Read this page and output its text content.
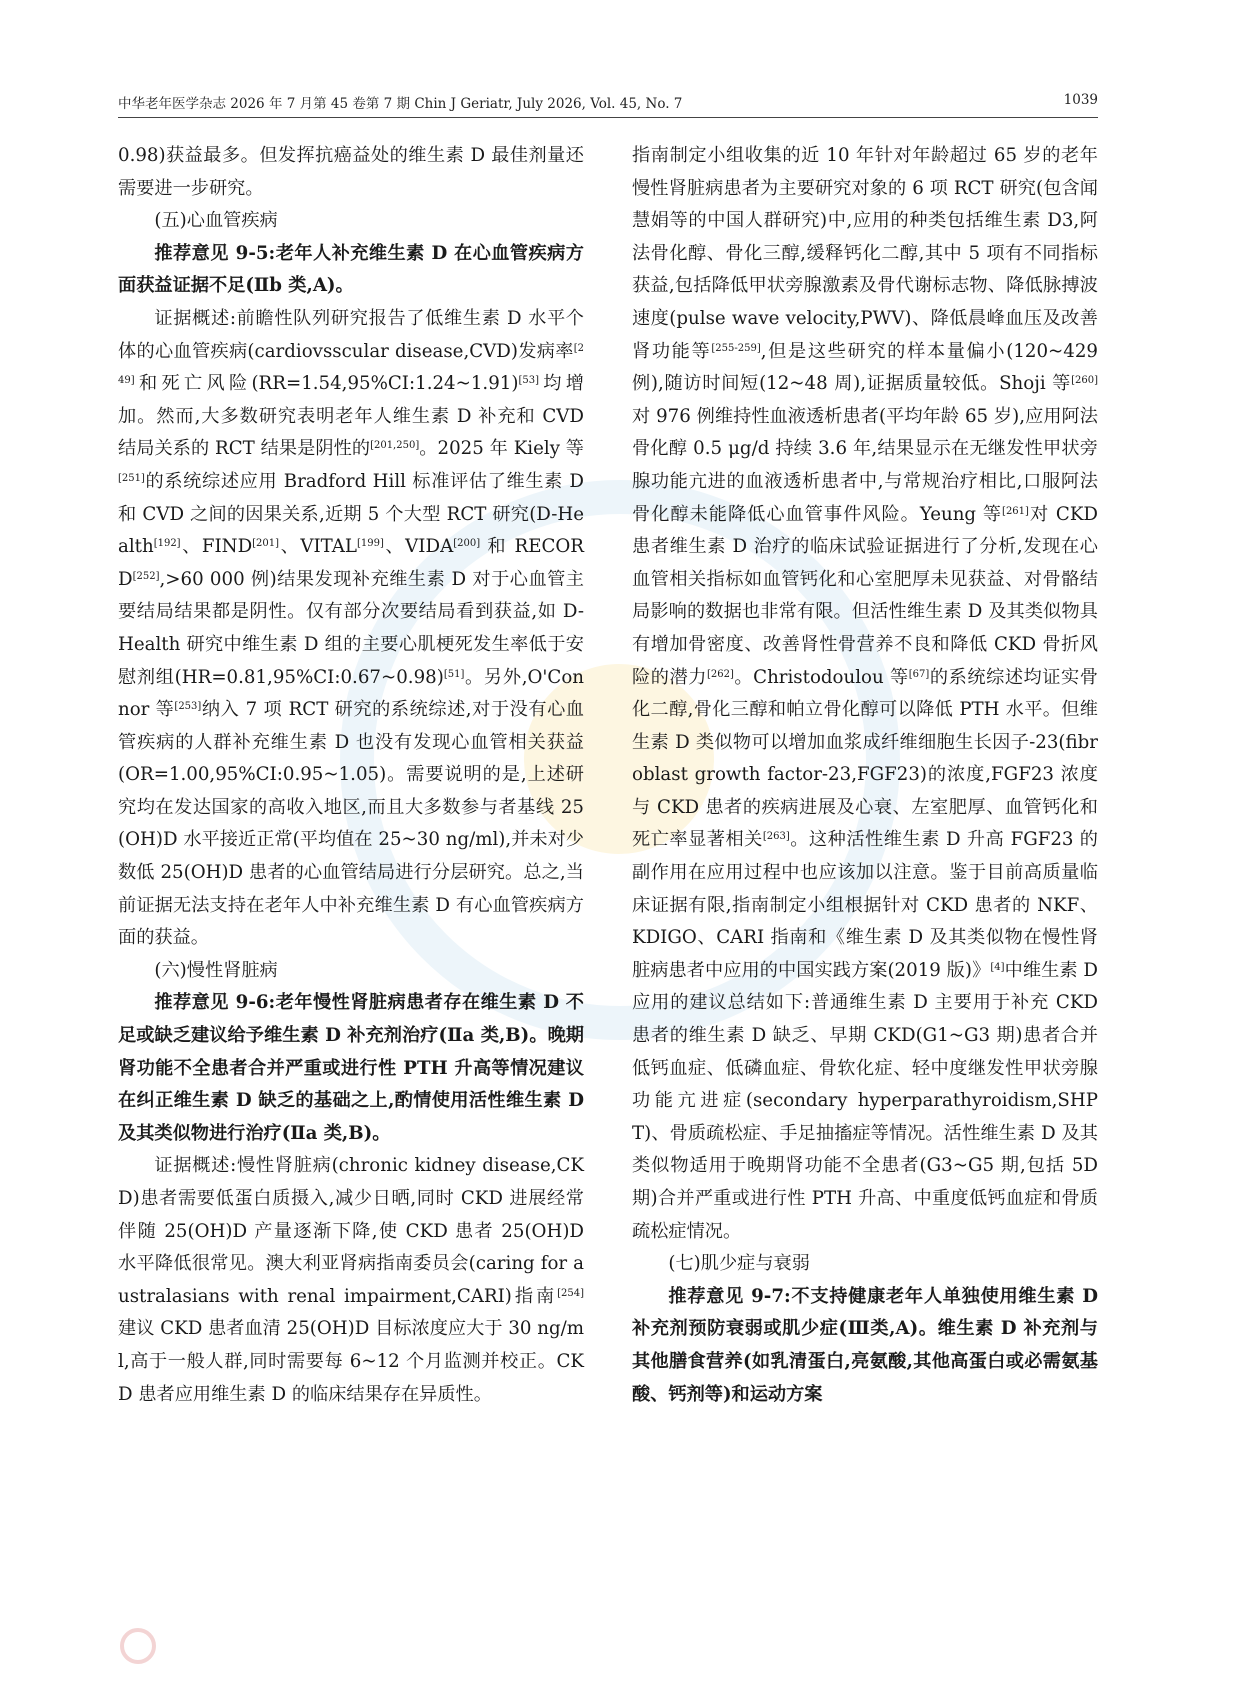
中华老年医学杂志 2026 年 7 月第 45 卷第 7 期 Chin J Geriatr, July 2026, Vol. 45, No. 7	1039

0.98)获益最多。但发挥抗癌益处的维生素 D 最佳剂量还需要进一步研究。

(五)心血管疾病

推荐意见 9-5:老年人补充维生素 D 在心血管疾病方面获益证据不足(Ⅱb 类,A)。

证据概述:前瞻性队列研究报告了低维生素 D 水平个体的心血管疾病(cardiovsscular disease,CVD)发病率[249]和死亡风险(RR=1.54,95%CI:1.24~1.91)[53]均增加。然而,大多数研究表明老年人维生素 D 补充和 CVD 结局关系的 RCT 结果是阴性的[201,250]。2025 年 Kiely 等[251]的系统综述应用 Bradford Hill 标准评估了维生素 D 和 CVD 之间的因果关系,近期 5 个大型 RCT 研究(D-Health[192]、FIND[201]、VITAL[199]、VIDA[200] 和 RECORD[252],>60 000 例)结果发现补充维生素 D 对于心血管主要结局结果都是阴性。仅有部分次要结局看到获益,如 D-Health 研究中维生素 D 组的主要心肌梗死发生率低于安慰剂组(HR=0.81,95%CI:0.67~0.98)[51]。另外,O'Connor 等[253]纳入 7 项 RCT 研究的系统综述,对于没有心血管疾病的人群补充维生素 D 也没有发现心血管相关获益(OR=1.00,95%CI:0.95~1.05)。需要说明的是,上述研究均在发达国家的高收入地区,而且大多数参与者基线 25(OH)D 水平接近正常(平均值在 25~30 ng/ml),并未对少数低 25(OH)D 患者的心血管结局进行分层研究。总之,当前证据无法支持在老年人中补充维生素 D 有心血管疾病方面的获益。

(六)慢性肾脏病

推荐意见 9-6:老年慢性肾脏病患者存在维生素 D 不足或缺乏建议给予维生素 D 补充剂治疗(Ⅱa 类,B)。晚期肾功能不全患者合并严重或进行性 PTH 升高等情况建议在纠正维生素 D 缺乏的基础之上,酌情使用活性维生素 D 及其类似物进行治疗(Ⅱa 类,B)。

证据概述:慢性肾脏病(chronic kidney disease,CKD)患者需要低蛋白质摄入,减少日晒,同时 CKD 进展经常伴随 25(OH)D 产量逐渐下降,使 CKD 患者 25(OH)D 水平降低很常见。澳大利亚肾病指南委员会(caring for australasians with renal impairment,CARI)指南[254]建议 CKD 患者血清 25(OH)D 目标浓度应大于 30 ng/ml,高于一般人群,同时需要每 6~12 个月监测并校正。CKD 患者应用维生素 D 的临床结果存在异质性。

指南制定小组收集的近 10 年针对年龄超过 65 岁的老年慢性肾脏病患者为主要研究对象的 6 项 RCT 研究(包含闻慧娟等的中国人群研究)中,应用的种类包括维生素 D3,阿法骨化醇、骨化三醇,缓释钙化二醇,其中 5 项有不同指标获益,包括降低甲状旁腺激素及骨代谢标志物、降低脉搏波速度(pulse wave velocity,PWV)、降低晨峰血压及改善肾功能等[255-259],但是这些研究的样本量偏小(120~429 例),随访时间短(12~48 周),证据质量较低。Shoji 等[260]对 976 例维持性血液透析患者(平均年龄 65 岁),应用阿法骨化醇 0.5 μg/d 持续 3.6 年,结果显示在无继发性甲状旁腺功能亢进的血液透析患者中,与常规治疗相比,口服阿法骨化醇未能降低心血管事件风险。Yeung 等[261]对 CKD 患者维生素 D 治疗的临床试验证据进行了分析,发现在心血管相关指标如血管钙化和心室肥厚未见获益、对骨骼结局影响的数据也非常有限。但活性维生素 D 及其类似物具有增加骨密度、改善肾性骨营养不良和降低 CKD 骨折风险的潜力[262]。Christodoulou 等[67]的系统综述均证实骨化二醇,骨化三醇和帕立骨化醇可以降低 PTH 水平。但维生素 D 类似物可以增加血浆成纤维细胞生长因子-23(fibroblast growth factor-23,FGF23)的浓度,FGF23 浓度与 CKD 患者的疾病进展及心衰、左室肥厚、血管钙化和死亡率显著相关[263]。这种活性维生素 D 升高 FGF23 的副作用在应用过程中也应该加以注意。鉴于目前高质量临床证据有限,指南制定小组根据针对 CKD 患者的 NKF、KDIGO、CARI 指南和《维生素 D 及其类似物在慢性肾脏病患者中应用的中国实践方案(2019 版)》[4]中维生素 D 应用的建议总结如下:普通维生素 D 主要用于补充 CKD 患者的维生素 D 缺乏、早期 CKD(G1~G3 期)患者合并低钙血症、低磷血症、骨软化症、轻中度继发性甲状旁腺功能亢进症(secondary hyperparathyroidism,SHPT)、骨质疏松症、手足抽搐症等情况。活性维生素 D 及其类似物适用于晚期肾功能不全患者(G3~G5 期,包括 5D 期)合并严重或进行性 PTH 升高、中重度低钙血症和骨质疏松症情况。

(七)肌少症与衰弱

推荐意见 9-7:不支持健康老年人单独使用维生素 D 补充剂预防衰弱或肌少症(Ⅲ类,A)。维生素 D 补充剂与其他膳食营养(如乳清蛋白,亮氨酸,其他高蛋白或必需氨基酸、钙剂等)和运动方案
